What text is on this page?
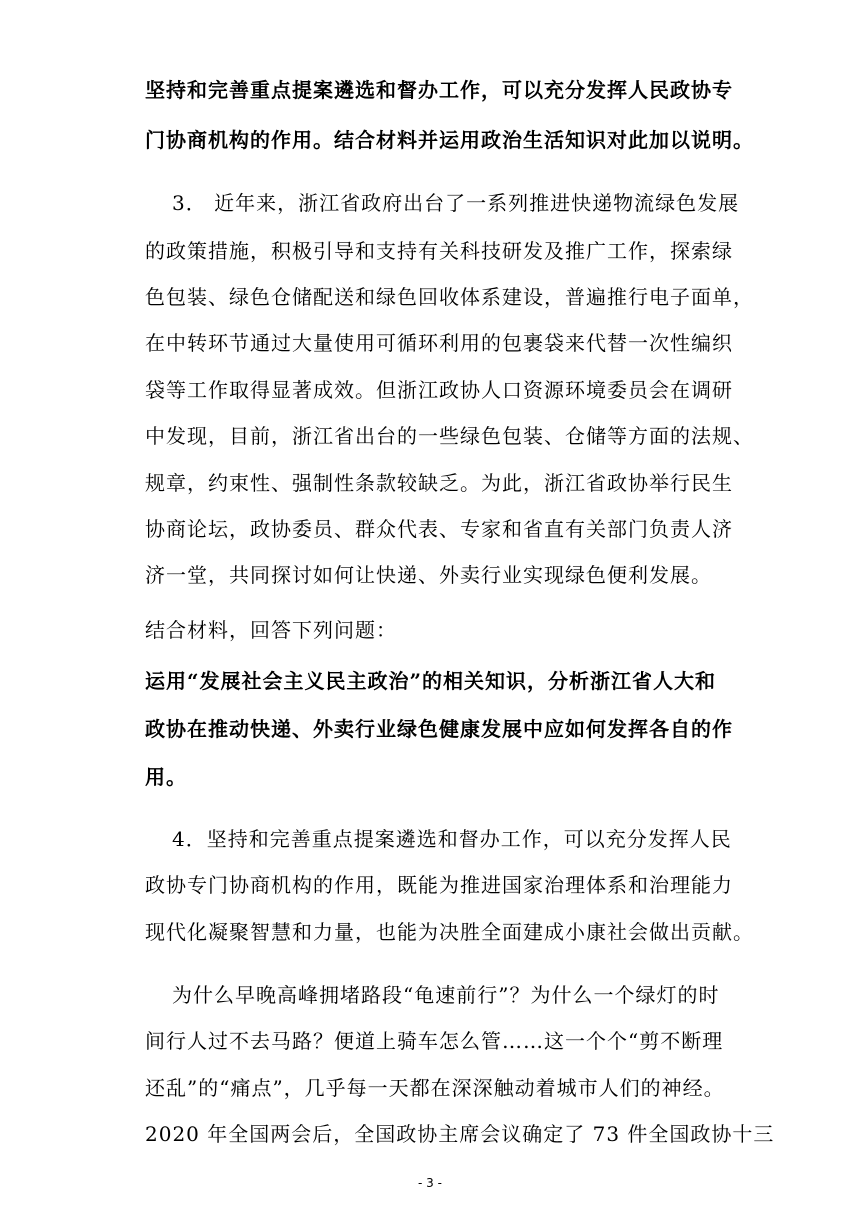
坚持和完善重点提案遴选和督办工作，可以充分发挥人民政协专
门协商机构的作用。结合材料并运用政治生活知识对此加以说明。
3． 近年来，浙江省政府出台了一系列推进快递物流绿色发展
的政策措施，积极引导和支持有关科技研发及推广工作，探索绿
色包装、绿色仓储配送和绿色回收体系建设，普遍推行电子面单，
在中转环节通过大量使用可循环利用的包裹袋来代替一次性编织
袋等工作取得显著成效。但浙江政协人口资源环境委员会在调研
中发现，目前，浙江省出台的一些绿色包装、仓储等方面的法规、
规章，约束性、强制性条款较缺乏。为此，浙江省政协举行民生
协商论坛，政协委员、群众代表、专家和省直有关部门负责人济
济一堂，共同探讨如何让快递、外卖行业实现绿色便利发展。
结合材料，回答下列问题：
运用“发展社会主义民主政治”的相关知识，分析浙江省人大和
政协在推动快递、外卖行业绿色健康发展中应如何发挥各自的作
用。
4．坚持和完善重点提案遴选和督办工作，可以充分发挥人民
政协专门协商机构的作用，既能为推进国家治理体系和治理能力
现代化凝聚智慧和力量，也能为决胜全面建成小康社会做出贡献。
为什么早晚高峰拥堵路段“龟速前行”？为什么一个绿灯的时
间行人过不去马路？便道上骑车怎么管……这一个个“剪不断理
还乱”的“痛点”，几乎每一天都在深深触动着城市人们的神经。
2020 年全国两会后，全国政协主席会议确定了 73 件全国政协十三
- 3 -
